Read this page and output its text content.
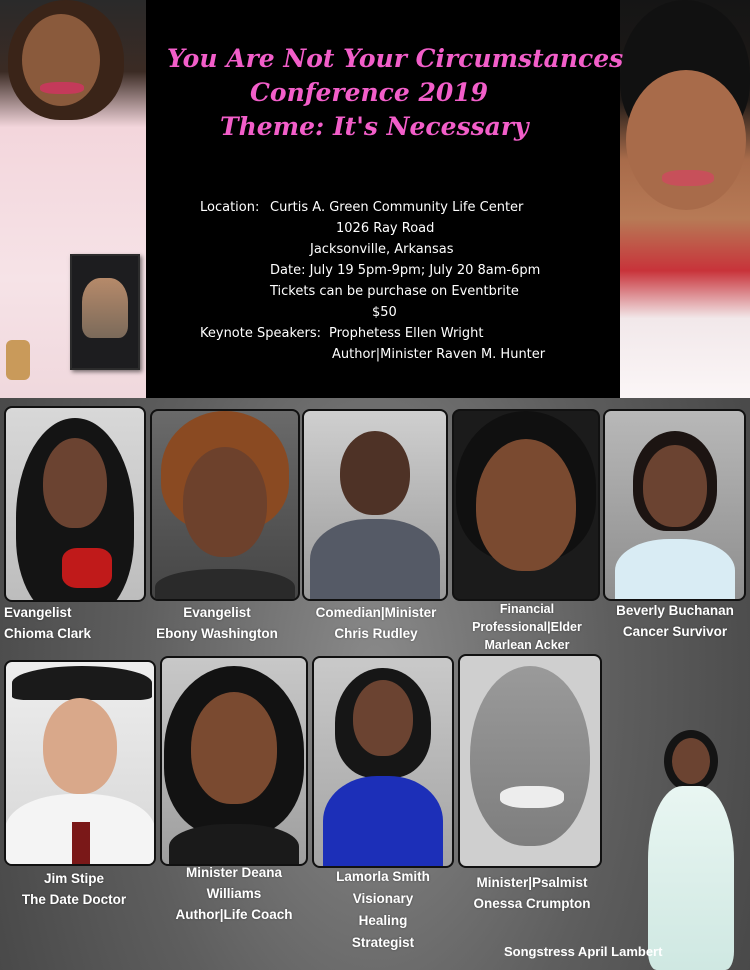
You Are Not Your Circumstances
Conference 2019
Theme: It's Necessary
Location: Curtis A. Green Community Life Center
1026 Ray Road
Jacksonville, Arkansas
Date: July 19 5pm-9pm; July 20 8am-6pm
Tickets can be purchase on Eventbrite
$50
Keynote Speakers: Prophetess Ellen Wright
Author|Minister Raven M. Hunter
Evangelist
Chioma Clark
Evangelist
Ebony Washington
Comedian|Minister
Chris Rudley
Financial
Professional|Elder
Marlean Acker
Beverly Buchanan
Cancer Survivor
Jim Stipe
The Date Doctor
Minister Deana
Williams
Author|Life Coach
Lamorla Smith
Visionary
Healing
Strategist
Minister|Psalmist
Onessa Crumpton
Songstress April Lambert
